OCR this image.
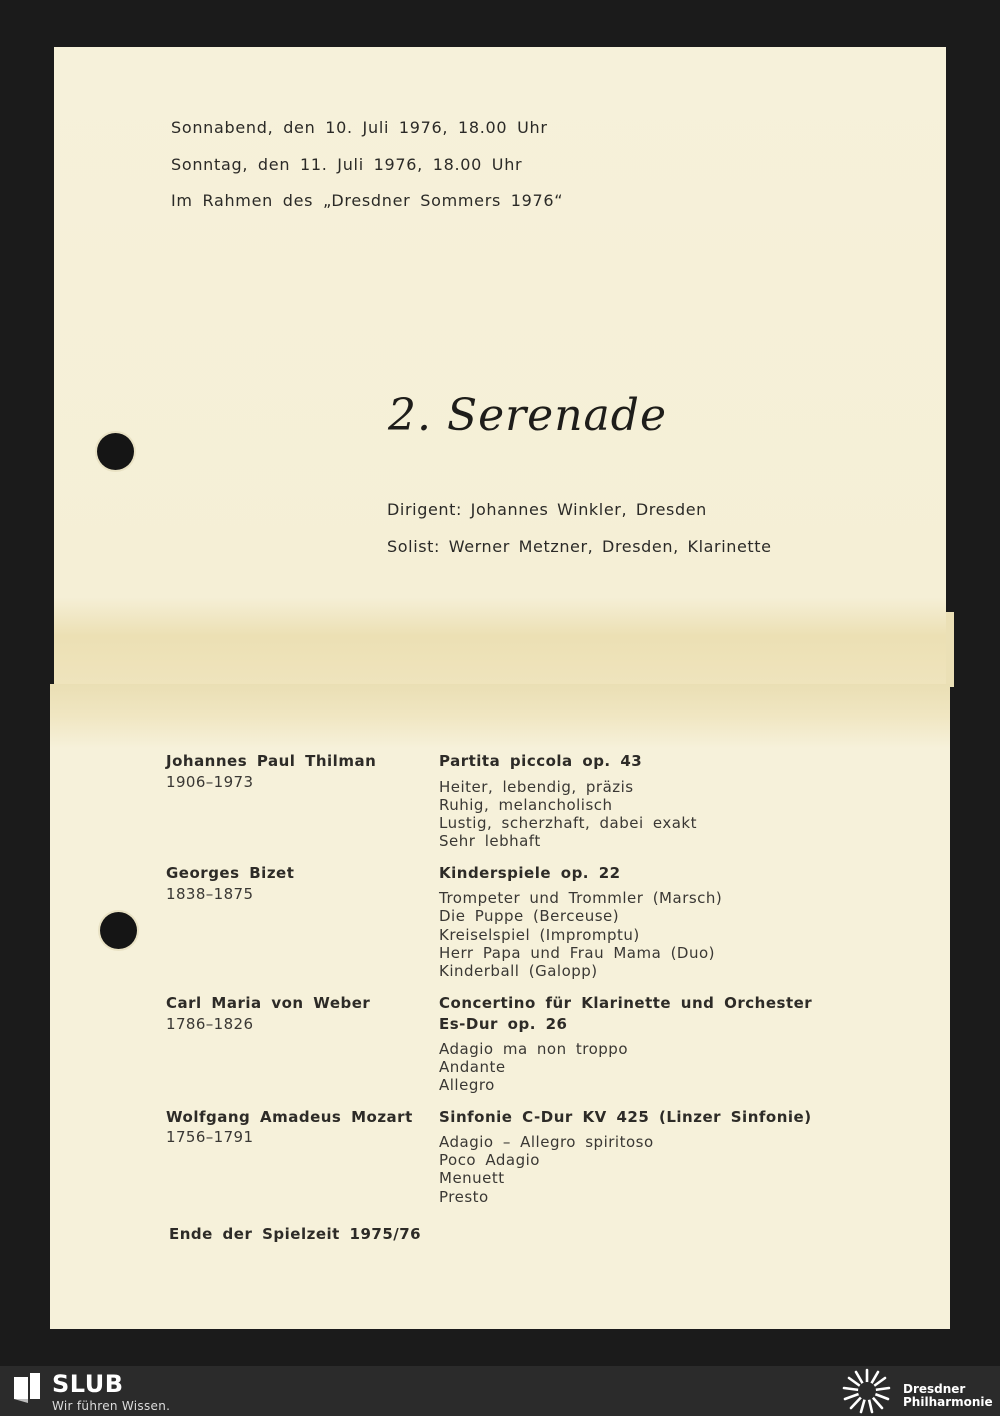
Sonnabend, den 10. Juli 1976, 18.00 Uhr
Sonntag, den 11. Juli 1976, 18.00 Uhr
Im Rahmen des „Dresdner Sommers 1976“
2. Serenade
Dirigent: Johannes Winkler, Dresden
Solist: Werner Metzner, Dresden, Klarinette
Johannes Paul Thilman
1906–1973
Partita piccola op. 43
Heiter, lebendig, präzis
Ruhig, melancholisch
Lustig, scherzhaft, dabei exakt
Sehr lebhaft
Georges Bizet
1838–1875
Kinderspiele op. 22
Trompeter und Trommler (Marsch)
Die Puppe (Berceuse)
Kreiselspiel (Impromptu)
Herr Papa und Frau Mama (Duo)
Kinderball (Galopp)
Carl Maria von Weber
1786–1826
Concertino für Klarinette und Orchester
Es-Dur op. 26
Adagio ma non troppo
Andante
Allegro
Wolfgang Amadeus Mozart
1756–1791
Sinfonie C-Dur KV 425 (Linzer Sinfonie)
Adagio – Allegro spiritoso
Poco Adagio
Menuett
Presto
Ende der Spielzeit 1975/76
SLUB
Wir führen Wissen.
Dresdner
Philharmonie
